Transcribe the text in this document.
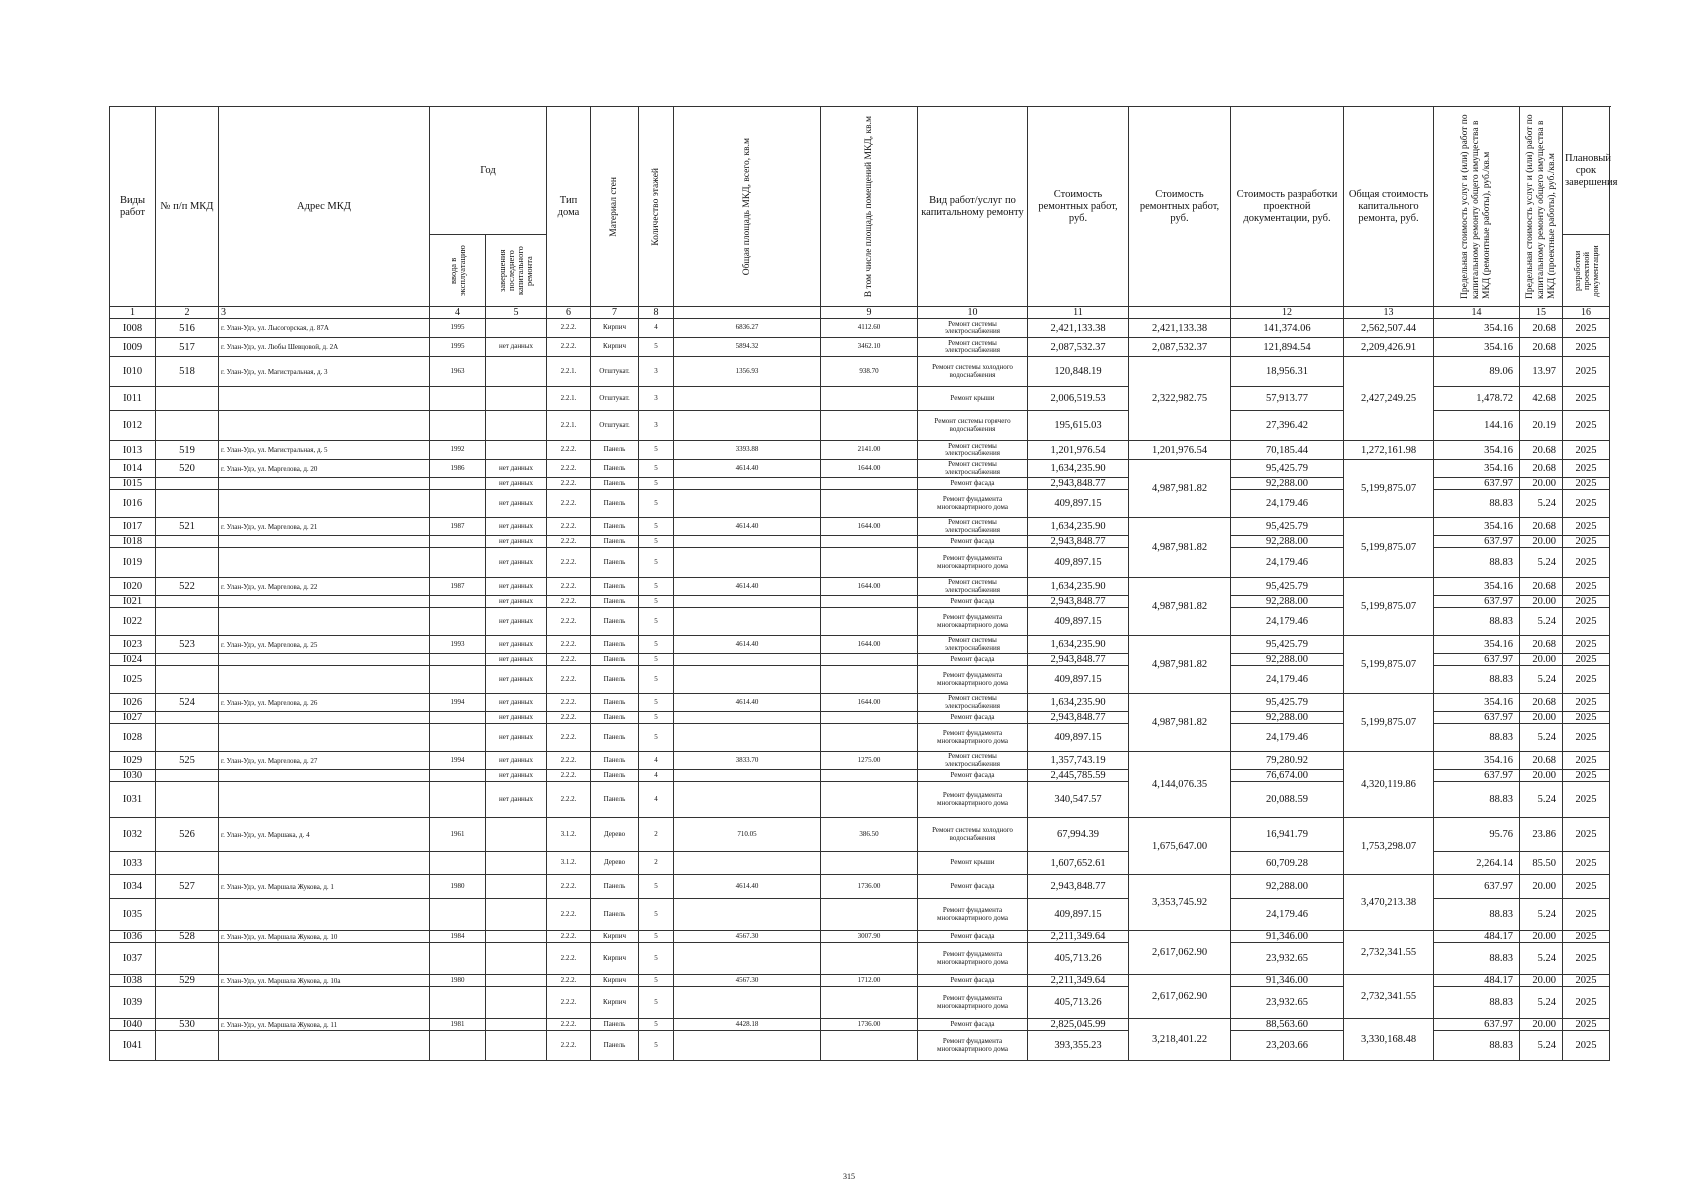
Виды работ	№ п/п МКД	Адрес МКД	Год		Тип дома	Материал стен	Количество этажей	Общая площадь МКД, всего, кв.м	В том числе площадь помещений МКД, кв.м	Вид работ/услуг по капитальному ремонту	Стоимость ремонтных работ, руб.	Стоимость ремонтных работ, руб.	Стоимость разработки проектной документации, руб.	Общая стоимость капитального ремонта, руб.	Предельная стоимость услуг и (или) работ по капитальному ремонту общего имущества в МКД (ремонтные работы), руб./кв.м	Предельная стоимость услуг и (или) работ по капитальному ремонту общего имущества в МКД (проектные работы), руб./кв.м	Плановый срок завершения	

			ввода в эксплуатацию	завершения последнего капитального ремонта													разработки проектной документации

1	2	3	4	5	6	7	8		9	10	11		12	13	14	15	16	
I008	516	г. Улан-Удэ, ул. Лысогорская, д. 87А	1995		2.2.2.	Кирпич	4	6836.27	4112.60	Ремонт системы электроснабжения	2,421,133.38	2,421,133.38	141,374.06	2,562,507.44	354.16	20.68	2025	
I009	517	г. Улан-Удэ, ул. Любы Шевцовой, д. 2А	1995	нет данных	2.2.2.	Кирпич	5	5894.32	3462.10	Ремонт системы электроснабжения	2,087,532.37	2,087,532.37	121,894.54	2,209,426.91	354.16	20.68	2025	
I010	518	г. Улан-Удэ, ул. Магистральная, д. 3	1963		2.2.1.	Отштукат.	3	1356.93	938.70	Ремонт системы холодного водоснабжения	120,848.19	2,322,982.75	18,956.31	2,427,249.25	89.06	13.97	2025	
I011					2.2.1.	Отштукат.	3			Ремонт крыши	2,006,519.53		57,913.77		1,478.72	42.68	2025	
I012					2.2.1.	Отштукат.	3			Ремонт системы горячего водоснабжения	195,615.03		27,396.42		144.16	20.19	2025	
I013	519	г. Улан-Удэ, ул. Магистральная, д. 5	1992		2.2.2.	Панель	5	3393.88	2141.00	Ремонт системы электроснабжения	1,201,976.54	1,201,976.54	70,185.44	1,272,161.98	354.16	20.68	2025	
I014	520	г. Улан-Удэ, ул. Маргелова, д. 20	1986	нет данных	2.2.2.	Панель	5	4614.40	1644.00	Ремонт системы электроснабжения	1,634,235.90	4,987,981.82	95,425.79	5,199,875.07	354.16	20.68	2025	
I015				нет данных	2.2.2.	Панель	5			Ремонт фасада	2,943,848.77		92,288.00		637.97	20.00	2025	
I016				нет данных	2.2.2.	Панель	5			Ремонт фундамента многоквартирного дома	409,897.15		24,179.46		88.83	5.24	2025	
I017	521	г. Улан-Удэ, ул. Маргелова, д. 21	1987	нет данных	2.2.2.	Панель	5	4614.40	1644.00	Ремонт системы электроснабжения	1,634,235.90	4,987,981.82	95,425.79	5,199,875.07	354.16	20.68	2025	
I018				нет данных	2.2.2.	Панель	5			Ремонт фасада	2,943,848.77		92,288.00		637.97	20.00	2025	
I019				нет данных	2.2.2.	Панель	5			Ремонт фундамента многоквартирного дома	409,897.15		24,179.46		88.83	5.24	2025	
I020	522	г. Улан-Удэ, ул. Маргелова, д. 22	1987	нет данных	2.2.2.	Панель	5	4614.40	1644.00	Ремонт системы электроснабжения	1,634,235.90	4,987,981.82	95,425.79	5,199,875.07	354.16	20.68	2025	
I021				нет данных	2.2.2.	Панель	5			Ремонт фасада	2,943,848.77		92,288.00		637.97	20.00	2025	
I022				нет данных	2.2.2.	Панель	5			Ремонт фундамента многоквартирного дома	409,897.15		24,179.46		88.83	5.24	2025	
I023	523	г. Улан-Удэ, ул. Маргелова, д. 25	1993	нет данных	2.2.2.	Панель	5	4614.40	1644.00	Ремонт системы электроснабжения	1,634,235.90	4,987,981.82	95,425.79	5,199,875.07	354.16	20.68	2025	
I024				нет данных	2.2.2.	Панель	5			Ремонт фасада	2,943,848.77		92,288.00		637.97	20.00	2025	
I025				нет данных	2.2.2.	Панель	5			Ремонт фундамента многоквартирного дома	409,897.15		24,179.46		88.83	5.24	2025	
I026	524	г. Улан-Удэ, ул. Маргелова, д. 26	1994	нет данных	2.2.2.	Панель	5	4614.40	1644.00	Ремонт системы электроснабжения	1,634,235.90	4,987,981.82	95,425.79	5,199,875.07	354.16	20.68	2025	
I027				нет данных	2.2.2.	Панель	5			Ремонт фасада	2,943,848.77		92,288.00		637.97	20.00	2025	
I028				нет данных	2.2.2.	Панель	5			Ремонт фундамента многоквартирного дома	409,897.15		24,179.46		88.83	5.24	2025	
I029	525	г. Улан-Удэ, ул. Маргелова, д. 27	1994	нет данных	2.2.2.	Панель	4	3833.70	1275.00	Ремонт системы электроснабжения	1,357,743.19	4,144,076.35	79,280.92	4,320,119.86	354.16	20.68	2025	
I030				нет данных	2.2.2.	Панель	4			Ремонт фасада	2,445,785.59		76,674.00		637.97	20.00	2025	
I031				нет данных	2.2.2.	Панель	4			Ремонт фундамента многоквартирного дома	340,547.57		20,088.59		88.83	5.24	2025	
I032	526	г. Улан-Удэ, ул. Маршака, д. 4	1961		3.1.2.	Дерево	2	710.05	386.50	Ремонт системы холодного водоснабжения	67,994.39	1,675,647.00	16,941.79	1,753,298.07	95.76	23.86	2025	
I033					3.1.2.	Дерево	2			Ремонт крыши	1,607,652.61		60,709.28		2,264.14	85.50	2025	
I034	527	г. Улан-Удэ, ул. Маршала Жукова, д. 1	1980		2.2.2.	Панель	5	4614.40	1736.00	Ремонт фасада	2,943,848.77	3,353,745.92	92,288.00	3,470,213.38	637.97	20.00	2025	
I035					2.2.2.	Панель	5			Ремонт фундамента многоквартирного дома	409,897.15		24,179.46		88.83	5.24	2025	
I036	528	г. Улан-Удэ, ул. Маршала Жукова, д. 10	1984		2.2.2.	Кирпич	5	4567.30	3007.90	Ремонт фасада	2,211,349.64	2,617,062.90	91,346.00	2,732,341.55	484.17	20.00	2025	
I037					2.2.2.	Кирпич	5			Ремонт фундамента многоквартирного дома	405,713.26		23,932.65		88.83	5.24	2025	
I038	529	г. Улан-Удэ, ул. Маршала Жукова, д. 10а	1980		2.2.2.	Кирпич	5	4567.30	1712.00	Ремонт фасада	2,211,349.64	2,617,062.90	91,346.00	2,732,341.55	484.17	20.00	2025	
I039					2.2.2.	Кирпич	5			Ремонт фундамента многоквартирного дома	405,713.26		23,932.65		88.83	5.24	2025	
I040	530	г. Улан-Удэ, ул. Маршала Жукова, д. 11	1981		2.2.2.	Панель	5	4428.18	1736.00	Ремонт фасада	2,825,045.99	3,218,401.22	88,563.60	3,330,168.48	637.97	20.00	2025	
I041					2.2.2.	Панель	5			Ремонт фундамента многоквартирного дома	393,355.23		23,203.66		88.83	5.24	2025	
315
